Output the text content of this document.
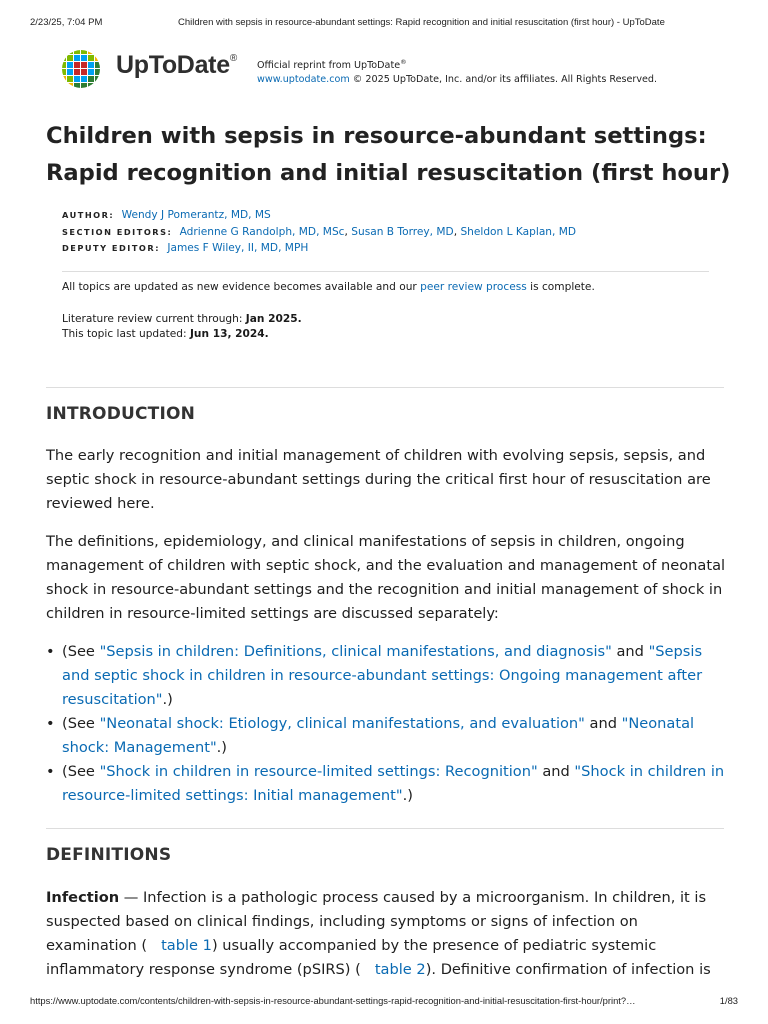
2/23/25, 7:04 PM	Children with sepsis in resource-abundant settings: Rapid recognition and initial resuscitation (first hour) - UpToDate
UpToDate®
Official reprint from UpToDate®
www.uptodate.com © 2025 UpToDate, Inc. and/or its affiliates. All Rights Reserved.
Children with sepsis in resource-abundant settings: Rapid recognition and initial resuscitation (first hour)
AUTHOR: Wendy J Pomerantz, MD, MS
SECTION EDITORS: Adrienne G Randolph, MD, MSc, Susan B Torrey, MD, Sheldon L Kaplan, MD
DEPUTY EDITOR: James F Wiley, II, MD, MPH
All topics are updated as new evidence becomes available and our peer review process is complete.
Literature review current through: Jan 2025.
This topic last updated: Jun 13, 2024.
INTRODUCTION

The early recognition and initial management of children with evolving sepsis, sepsis, and septic shock in resource-abundant settings during the critical first hour of resuscitation are reviewed here.

The definitions, epidemiology, and clinical manifestations of sepsis in children, ongoing management of children with septic shock, and the evaluation and management of neonatal shock in resource-abundant settings and the recognition and initial management of shock in children in resource-limited settings are discussed separately:

• (See "Sepsis in children: Definitions, clinical manifestations, and diagnosis" and "Sepsis and septic shock in children in resource-abundant settings: Ongoing management after resuscitation".)
• (See "Neonatal shock: Etiology, clinical manifestations, and evaluation" and "Neonatal shock: Management".)
• (See "Shock in children in resource-limited settings: Recognition" and "Shock in children in resource-limited settings: Initial management".)
DEFINITIONS

Infection — Infection is a pathologic process caused by a microorganism. In children, it is suspected based on clinical findings, including symptoms or signs of infection on examination ( table 1) usually accompanied by the presence of pediatric systemic inflammatory response syndrome (pSIRS) ( table 2). Definitive confirmation of infection is

https://www.uptodate.com/contents/children-with-sepsis-in-resource-abundant-settings-rapid-recognition-and-initial-resuscitation-first-hour/print?…	1/83
